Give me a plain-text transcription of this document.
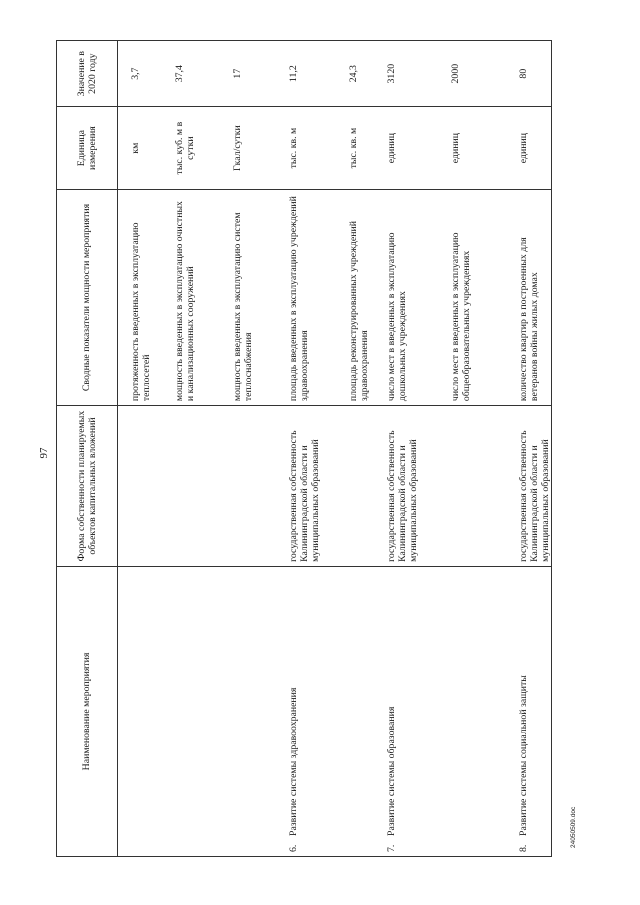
97
24050509.doc
Наименование мероприятия	Форма собственности планируемых объектов капитальных вложений	Сводные показатели мощности мероприятия	Единица измерения	Значение в 2020 году
		протяженность введенных в эксплуатацию теплосетей	км	3,7
		мощность введенных в эксплуатацию очистных и канализационных сооружений	тыс. куб. м в сутки	37,4
		мощность введенных в эксплуатацию систем теплоснабжения	Гкал/сутки	17
6.Развитие системы здравоохранения	государственная собственность Калининградской области и муниципальных образований	площадь введенных в эксплуатацию учреждений здравоохранения	тыс. кв. м	11,2
		площадь реконструированных учреждений здравоохранения	тыс. кв. м	24,3
7.Развитие системы образования	государственная собственность Калининградской области и муниципальных образований	число мест в введенных в эксплуатацию дошкольных учреждениях	единиц	3120
		число мест в введенных в эксплуатацию общеобразовательных учреждениях	единиц	2000
8.Развитие системы социальной защиты	государственная собственность Калининградской области и муниципальных образований	количество квартир в построенных для ветеранов войны жилых домах	единиц	80
